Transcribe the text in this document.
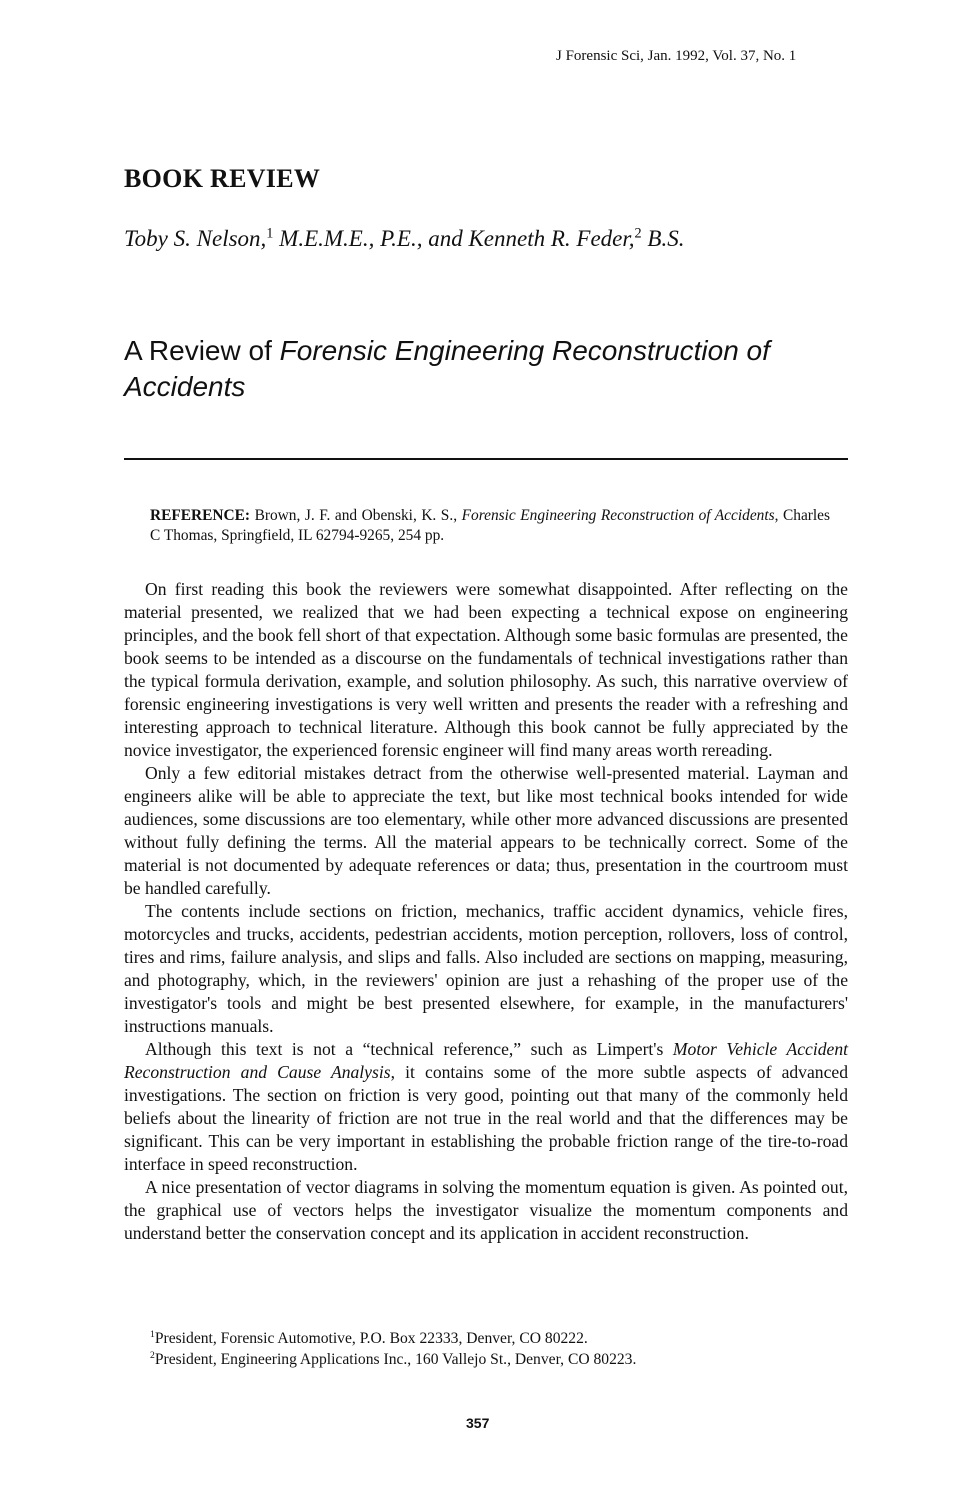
J Forensic Sci, Jan. 1992, Vol. 37, No. 1
BOOK REVIEW
Toby S. Nelson,$^1$ M.E.M.E., P.E., and Kenneth R. Feder,$^2$ B.S.
A Review of Forensic Engineering Reconstruction of Accidents
REFERENCE: Brown, J. F. and Obenski, K. S., Forensic Engineering Reconstruction of Accidents, Charles C Thomas, Springfield, IL 62794-9265, 254 pp.

On first reading this book the reviewers were somewhat disappointed. After reflecting on the material presented, we realized that we had been expecting a technical expose on engineering principles, and the book fell short of that expectation. Although some basic formulas are presented, the book seems to be intended as a discourse on the fundamentals of technical investigations rather than the typical formula derivation, example, and solution philosophy. As such, this narrative overview of forensic engineering investigations is very well written and presents the reader with a refreshing and interesting approach to technical literature. Although this book cannot be fully appreciated by the novice investigator, the experienced forensic engineer will find many areas worth rereading.

Only a few editorial mistakes detract from the otherwise well-presented material. Layman and engineers alike will be able to appreciate the text, but like most technical books intended for wide audiences, some discussions are too elementary, while other more advanced discussions are presented without fully defining the terms. All the material appears to be technically correct. Some of the material is not documented by adequate references or data; thus, presentation in the courtroom must be handled carefully.

The contents include sections on friction, mechanics, traffic accident dynamics, vehicle fires, motorcycles and trucks, accidents, pedestrian accidents, motion perception, rollovers, loss of control, tires and rims, failure analysis, and slips and falls. Also included are sections on mapping, measuring, and photography, which, in the reviewers' opinion are just a rehashing of the proper use of the investigator's tools and might be best presented elsewhere, for example, in the manufacturers' instructions manuals.

Although this text is not a “technical reference,” such as Limpert's Motor Vehicle Accident Reconstruction and Cause Analysis, it contains some of the more subtle aspects of advanced investigations. The section on friction is very good, pointing out that many of the commonly held beliefs about the linearity of friction are not true in the real world and that the differences may be significant. This can be very important in establishing the probable friction range of the tire-to-road interface in speed reconstruction.

A nice presentation of vector diagrams in solving the momentum equation is given. As pointed out, the graphical use of vectors helps the investigator visualize the momentum components and understand better the conservation concept and its application in accident reconstruction.

$^1$President, Forensic Automotive, P.O. Box 22333, Denver, CO 80222.

$^2$President, Engineering Applications Inc., 160 Vallejo St., Denver, CO 80223.

357
